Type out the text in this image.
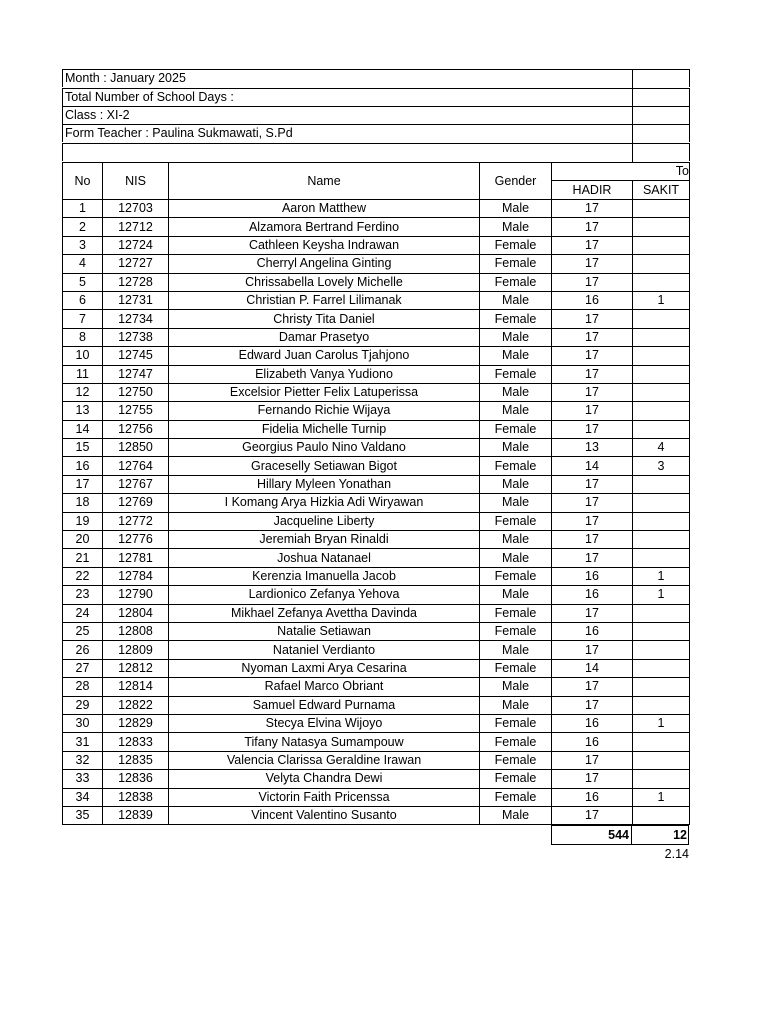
Month : January 2025
Total Number of School Days :
Class : XI-2
Form Teacher : Paulina Sukmawati, S.Pd
No	NIS	Name	Gender	To	
				HADIR	SAKIT
1	12703	Aaron Matthew	Male	17	
2	12712	Alzamora Bertrand Ferdino	Male	17	
3	12724	Cathleen Keysha Indrawan	Female	17	
4	12727	Cherryl Angelina Ginting	Female	17	
5	12728	Chrissabella Lovely Michelle	Female	17	
6	12731	Christian P. Farrel Lilimanak	Male	16	1
7	12734	Christy Tita Daniel	Female	17	
8	12738	Damar Prasetyo	Male	17	
10	12745	Edward Juan Carolus Tjahjono	Male	17	
11	12747	Elizabeth Vanya Yudiono	Female	17	
12	12750	Excelsior Pietter Felix Latuperissa	Male	17	
13	12755	Fernando Richie Wijaya	Male	17	
14	12756	Fidelia Michelle Turnip	Female	17	
15	12850	Georgius Paulo Nino Valdano	Male	13	4
16	12764	Graceselly Setiawan Bigot	Female	14	3
17	12767	Hillary Myleen Yonathan	Male	17	
18	12769	I Komang Arya Hizkia Adi Wiryawan	Male	17	
19	12772	Jacqueline Liberty	Female	17	
20	12776	Jeremiah Bryan Rinaldi	Male	17	
21	12781	Joshua Natanael	Male	17	
22	12784	Kerenzia Imanuella Jacob	Female	16	1
23	12790	Lardionico Zefanya Yehova	Male	16	1
24	12804	Mikhael Zefanya Avettha Davinda	Female	17	
25	12808	Natalie Setiawan	Female	16	
26	12809	Nataniel Verdianto	Male	17	
27	12812	Nyoman Laxmi Arya Cesarina	Female	14	
28	12814	Rafael Marco Obriant	Male	17	
29	12822	Samuel Edward Purnama	Male	17	
30	12829	Stecya Elvina Wijoyo	Female	16	1
31	12833	Tifany Natasya Sumampouw	Female	16	
32	12835	Valencia Clarissa Geraldine Irawan	Female	17	
33	12836	Velyta Chandra Dewi	Female	17	
34	12838	Victorin Faith Pricenssa	Female	16	1
35	12839	Vincent Valentino Susanto	Male	17	
544	12
2.14
